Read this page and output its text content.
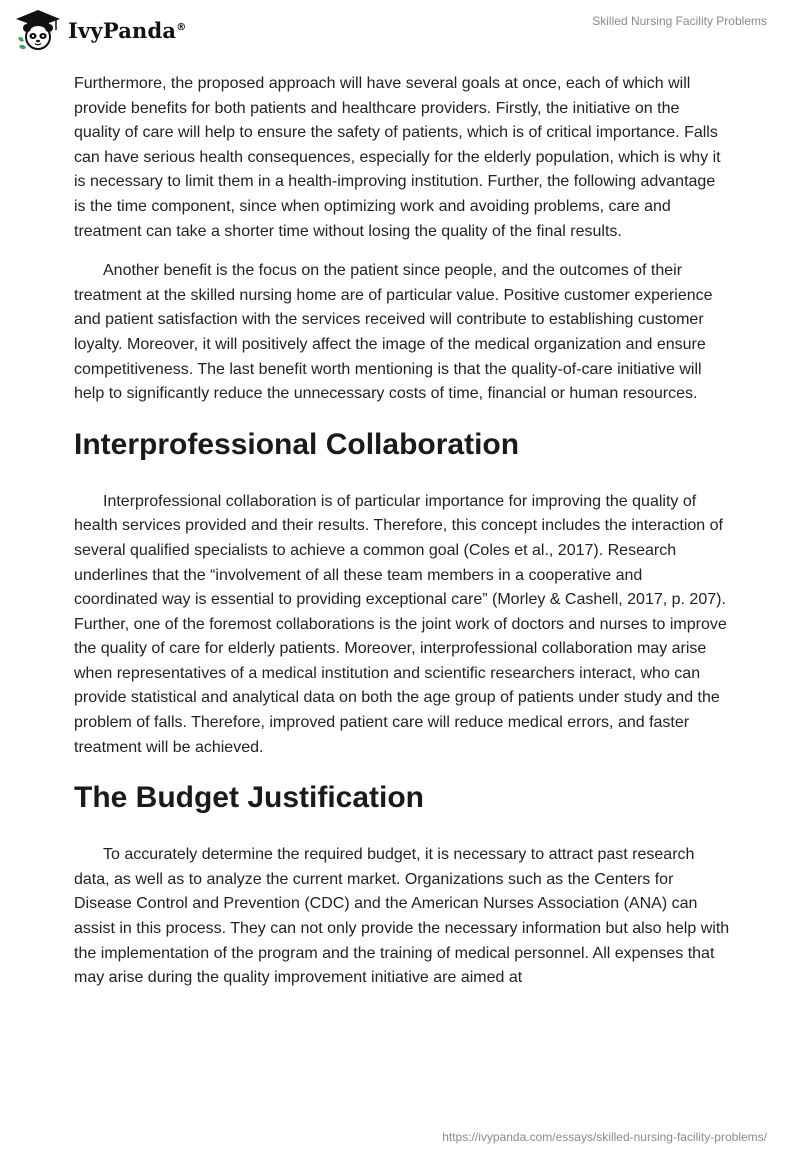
IvyPanda®	Skilled Nursing Facility Problems

Furthermore, the proposed approach will have several goals at once, each of which will provide benefits for both patients and healthcare providers. Firstly, the initiative on the quality of care will help to ensure the safety of patients, which is of critical importance. Falls can have serious health consequences, especially for the elderly population, which is why it is necessary to limit them in a health-improving institution. Further, the following advantage is the time component, since when optimizing work and avoiding problems, care and treatment can take a shorter time without losing the quality of the final results.

Another benefit is the focus on the patient since people, and the outcomes of their treatment at the skilled nursing home are of particular value. Positive customer experience and patient satisfaction with the services received will contribute to establishing customer loyalty. Moreover, it will positively affect the image of the medical organization and ensure competitiveness. The last benefit worth mentioning is that the quality-of-care initiative will help to significantly reduce the unnecessary costs of time, financial or human resources.

Interprofessional Collaboration

Interprofessional collaboration is of particular importance for improving the quality of health services provided and their results. Therefore, this concept includes the interaction of several qualified specialists to achieve a common goal (Coles et al., 2017). Research underlines that the “involvement of all these team members in a cooperative and coordinated way is essential to providing exceptional care” (Morley & Cashell, 2017, p. 207). Further, one of the foremost collaborations is the joint work of doctors and nurses to improve the quality of care for elderly patients. Moreover, interprofessional collaboration may arise when representatives of a medical institution and scientific researchers interact, who can provide statistical and analytical data on both the age group of patients under study and the problem of falls. Therefore, improved patient care will reduce medical errors, and faster treatment will be achieved.

The Budget Justification

To accurately determine the required budget, it is necessary to attract past research data, as well as to analyze the current market. Organizations such as the Centers for Disease Control and Prevention (CDC) and the American Nurses Association (ANA) can assist in this process. They can not only provide the necessary information but also help with the implementation of the program and the training of medical personnel. All expenses that may arise during the quality improvement initiative are aimed at

https://ivypanda.com/essays/skilled-nursing-facility-problems/
